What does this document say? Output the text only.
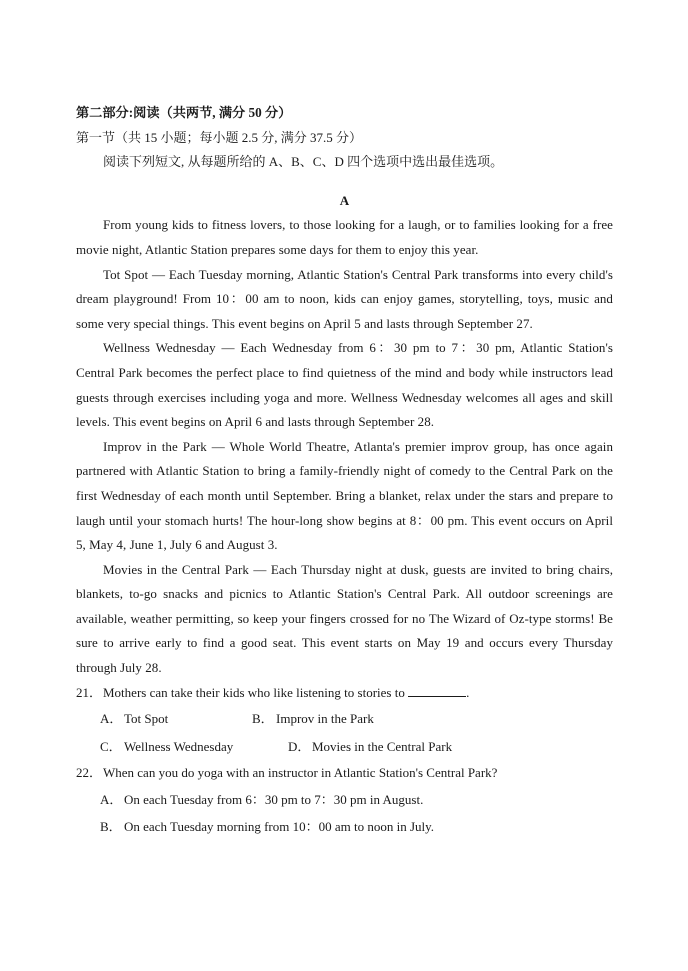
第二部分:阅读（共两节, 满分 50 分）

第一节（共 15 小题；每小题 2.5 分, 满分 37.5 分）

阅读下列短文, 从每题所给的 A、B、C、D 四个选项中选出最佳选项。

A

From young kids to fitness lovers, to those looking for a laugh, or to families looking for a free movie night, Atlantic Station prepares some days for them to enjoy this year.

Tot Spot — Each Tuesday morning, Atlantic Station's Central Park transforms into every child's dream playground! From 10：00 am to noon, kids can enjoy games, storytelling, toys, music and some very special things. This event begins on April 5 and lasts through September 27.

Wellness Wednesday — Each Wednesday from 6：30 pm to 7：30 pm, Atlantic Station's Central Park becomes the perfect place to find quietness of the mind and body while instructors lead guests through exercises including yoga and more. Wellness Wednesday welcomes all ages and skill levels. This event begins on April 6 and lasts through September 28.

Improv in the Park — Whole World Theatre, Atlanta's premier improv group, has once again partnered with Atlantic Station to bring a family-friendly night of comedy to the Central Park on the first Wednesday of each month until September. Bring a blanket, relax under the stars and prepare to laugh until your stomach hurts! The hour-long show begins at 8：00 pm. This event occurs on April 5, May 4, June 1, July 6 and August 3.

Movies in the Central Park — Each Thursday night at dusk, guests are invited to bring chairs, blankets, to-go snacks and picnics to Atlantic Station's Central Park. All outdoor screenings are available, weather permitting, so keep your fingers crossed for no The Wizard of Oz-type storms! Be sure to arrive early to find a good seat. This event starts on May 19 and occurs every Thursday through July 28.

21．Mothers can take their kids who like listening to stories to	.

A． Tot Spot	B． Improv in the Park
C． Wellness Wednesday	D． Movies in the Central Park

22．When can you do yoga with an instructor in Atlantic Station's Central Park?

A． On each Tuesday from 6：30 pm to 7：30 pm in August.

B． On each Tuesday morning from 10：00 am to noon in July.
